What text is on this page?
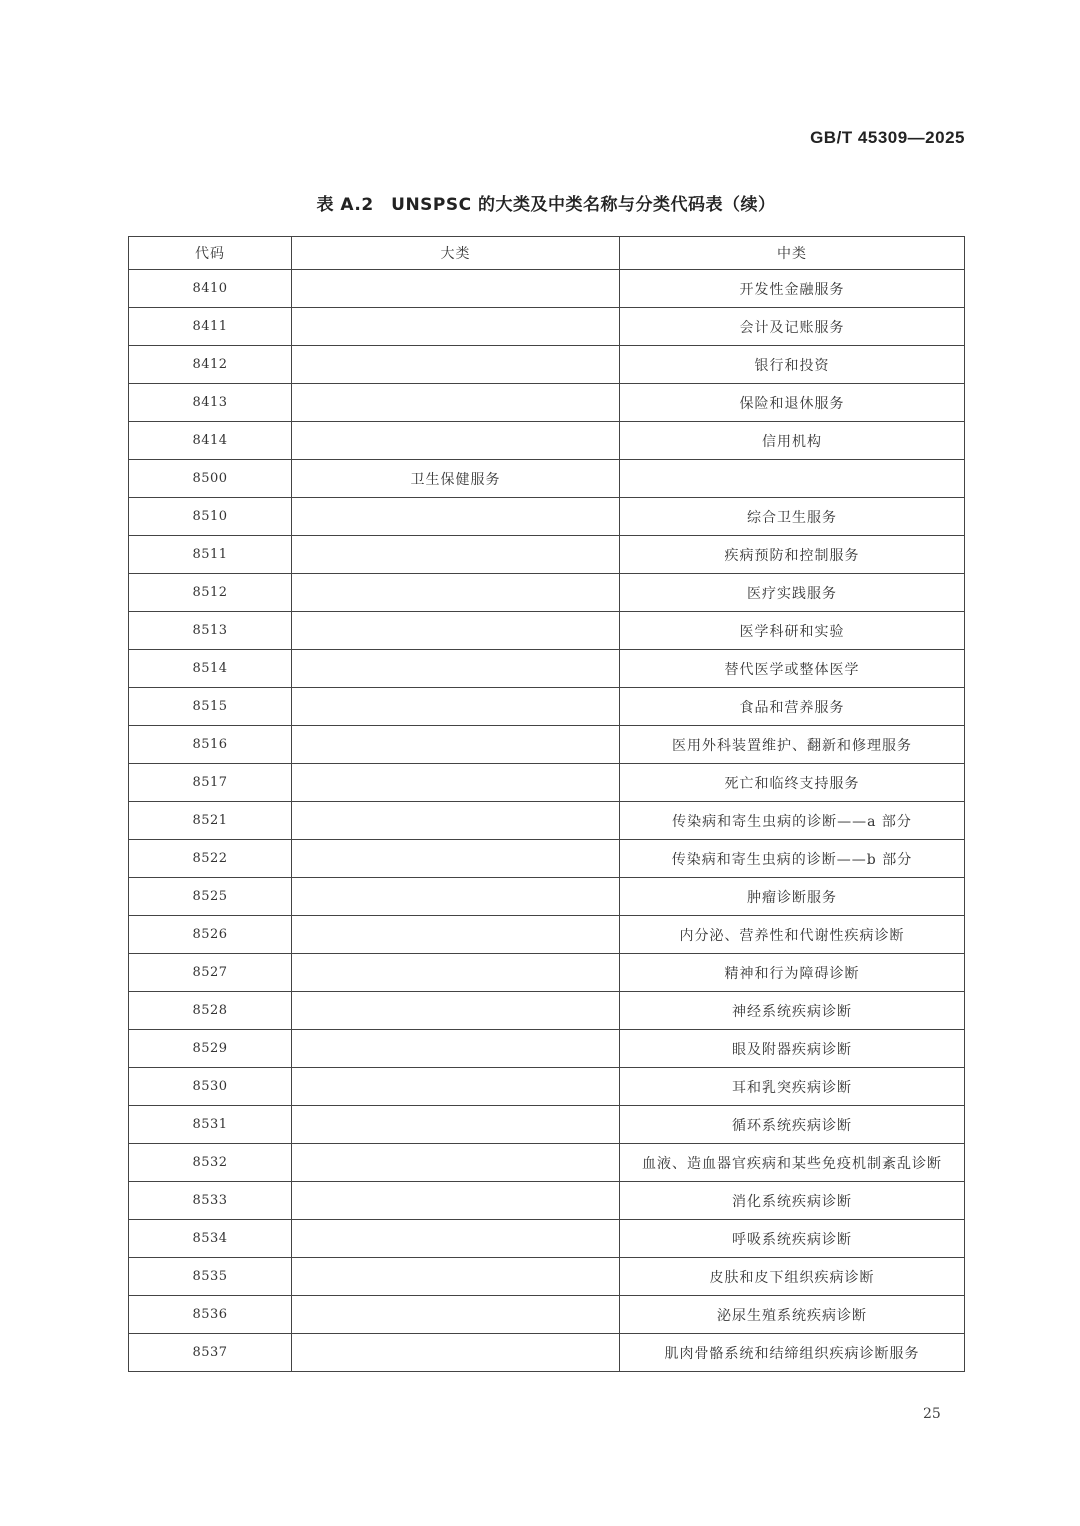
GB/T 45309—2025
表 A.2　UNSPSC 的大类及中类名称与分类代码表（续）
代码	大类	中类
8410		开发性金融服务
8411		会计及记账服务
8412		银行和投资
8413		保险和退休服务
8414		信用机构
8500	卫生保健服务	
8510		综合卫生服务
8511		疾病预防和控制服务
8512		医疗实践服务
8513		医学科研和实验
8514		替代医学或整体医学
8515		食品和营养服务
8516		医用外科装置维护、翻新和修理服务
8517		死亡和临终支持服务
8521		传染病和寄生虫病的诊断——a 部分
8522		传染病和寄生虫病的诊断——b 部分
8525		肿瘤诊断服务
8526		内分泌、营养性和代谢性疾病诊断
8527		精神和行为障碍诊断
8528		神经系统疾病诊断
8529		眼及附器疾病诊断
8530		耳和乳突疾病诊断
8531		循环系统疾病诊断
8532		血液、造血器官疾病和某些免疫机制紊乱诊断
8533		消化系统疾病诊断
8534		呼吸系统疾病诊断
8535		皮肤和皮下组织疾病诊断
8536		泌尿生殖系统疾病诊断
8537		肌肉骨骼系统和结缔组织疾病诊断服务
25
